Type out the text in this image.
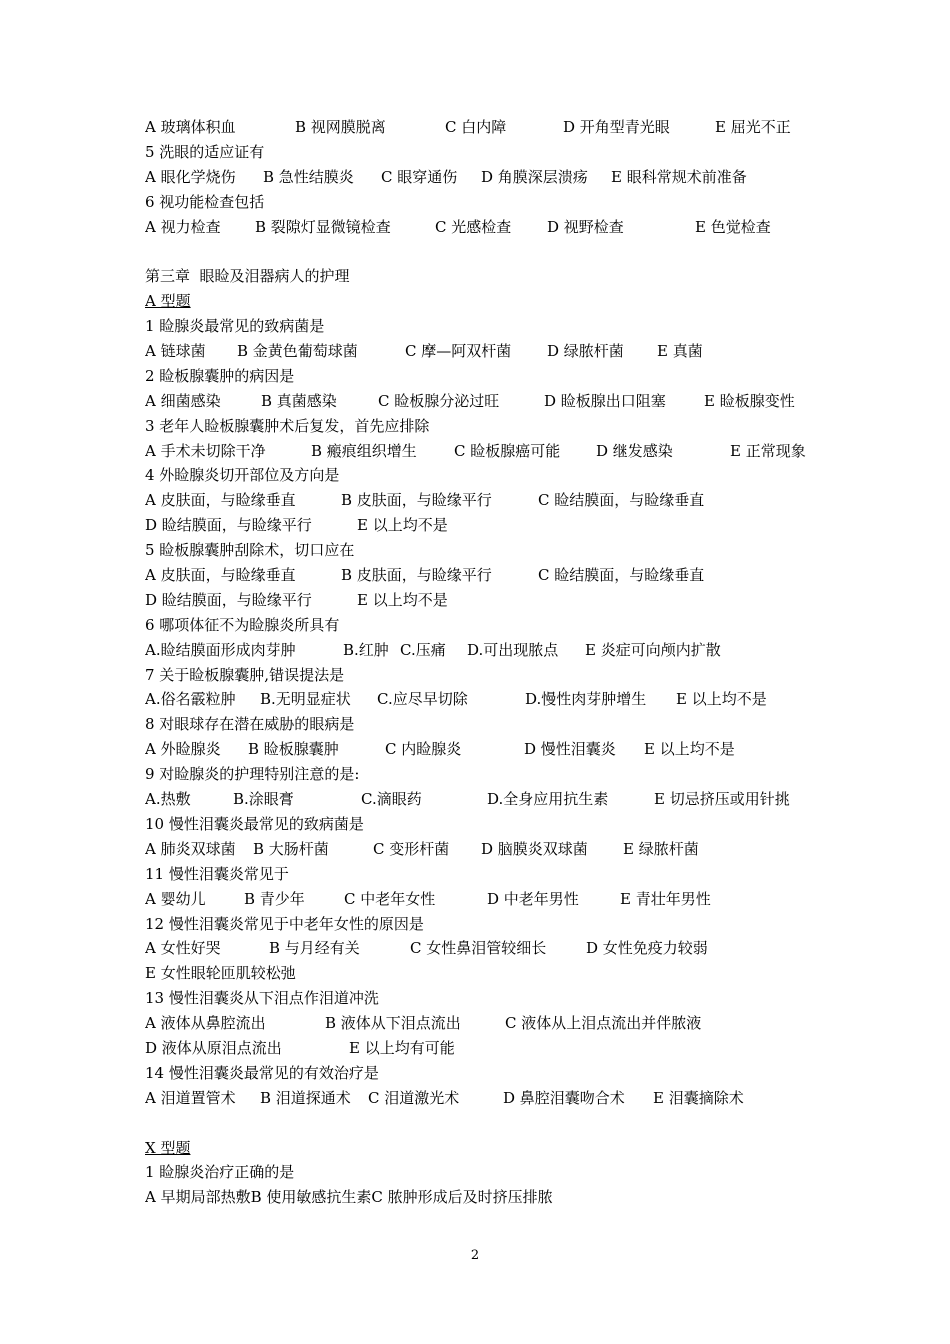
A 玻璃体积血	B 视网膜脱离	C 白内障	D 开角型青光眼	E 屈光不正
5 洗眼的适应证有
A 眼化学烧伤	B 急性结膜炎	C 眼穿通伤	D 角膜深层溃疡	E 眼科常规术前准备
6 视功能检查包括
A 视力检查	B 裂隙灯显微镜检查	C 光感检查	D 视野检查	E 色觉检查
第三章  眼睑及泪器病人的护理
A 型题
1 睑腺炎最常见的致病菌是
A 链球菌	B 金黄色葡萄球菌	C 摩—阿双杆菌	D 绿脓杆菌	E 真菌
2 睑板腺囊肿的病因是
A 细菌感染	B 真菌感染	C 睑板腺分泌过旺	D 睑板腺出口阻塞	E 睑板腺变性
3 老年人睑板腺囊肿术后复发，首先应排除
A 手术未切除干净	B 瘢痕组织增生	C 睑板腺癌可能	D 继发感染	E 正常现象
4 外睑腺炎切开部位及方向是
A 皮肤面，与睑缘垂直	B 皮肤面，与睑缘平行	C 睑结膜面，与睑缘垂直
D 睑结膜面，与睑缘平行	E 以上均不是
5 睑板腺囊肿刮除术，切口应在
A 皮肤面，与睑缘垂直	B 皮肤面，与睑缘平行	C 睑结膜面，与睑缘垂直
D 睑结膜面，与睑缘平行	E 以上均不是
6 哪项体征不为睑腺炎所具有
A.睑结膜面形成肉芽肿	B.红肿 C.压痛	D.可出现脓点	E 炎症可向颅内扩散
7 关于睑板腺囊肿,错误提法是
A.俗名霰粒肿	B.无明显症状	C.应尽早切除	D.慢性肉芽肿增生	E 以上均不是
8 对眼球存在潜在威胁的眼病是
A 外睑腺炎	B 睑板腺囊肿	C 内睑腺炎	D 慢性泪囊炎	E 以上均不是
9 对睑腺炎的护理特别注意的是:
A.热敷	B.涂眼膏	C.滴眼药	D.全身应用抗生素	E 切忌挤压或用针挑
10 慢性泪囊炎最常见的致病菌是
A 肺炎双球菌	B 大肠杆菌	C 变形杆菌	D 脑膜炎双球菌	E 绿脓杆菌
11 慢性泪囊炎常见于
A 婴幼儿	B 青少年	C 中老年女性	D 中老年男性	E 青壮年男性
12 慢性泪囊炎常见于中老年女性的原因是
A 女性好哭	B 与月经有关	C 女性鼻泪管较细长	D 女性免疫力较弱
E 女性眼轮匝肌较松弛
13 慢性泪囊炎从下泪点作泪道冲洗
A 液体从鼻腔流出	B 液体从下泪点流出	C 液体从上泪点流出并伴脓液
D 液体从原泪点流出	E 以上均有可能
14 慢性泪囊炎最常见的有效治疗是
A 泪道置管术	B 泪道探通术	C 泪道激光术	D 鼻腔泪囊吻合术	E 泪囊摘除术
X 型题
1 睑腺炎治疗正确的是
A 早期局部热敷 B 使用敏感抗生素 C 脓肿形成后及时挤压排脓
2
